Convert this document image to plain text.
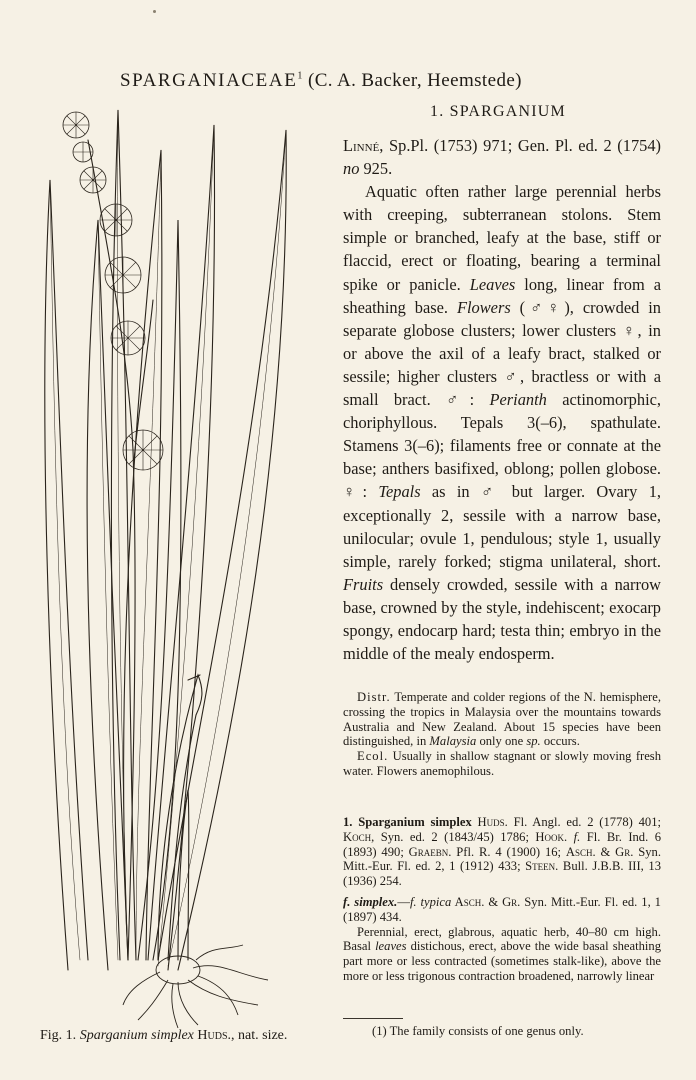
SPARGANIACEAE$^1$ (C. A. Backer, Heemstede)
1. SPARGANIUM
Fig. 1. Sparganium simplex Huds., nat. size.

Linné, Sp.Pl. (1753) 971; Gen. Pl. ed. 2 (1754) no 925.

Aquatic often rather large perennial herbs with creeping, subterranean stolons. Stem simple or branched, leafy at the base, stiff or flaccid, erect or floating, bearing a terminal spike or panicle. Leaves long, linear from a sheathing base. Flowers (♂♀), crowded in separate globose clusters; lower clusters ♀, in or above the axil of a leafy bract, stalked or sessile; higher clusters ♂, bractless or with a small bract. ♂: Perianth actinomorphic, choriphyllous. Tepals 3(–6), spathulate. Stamens 3(–6); filaments free or connate at the base; anthers basifixed, oblong; pollen globose. ♀: Tepals as in ♂ but larger. Ovary 1, exceptionally 2, sessile with a narrow base, unilocular; ovule 1, pendulous; style 1, usually simple, rarely forked; stigma unilateral, short. Fruits densely crowded, sessile with a narrow base, crowned by the style, indehiscent; exocarp spongy, endocarp hard; testa thin; embryo in the middle of the mealy endosperm.

Distr. Temperate and colder regions of the N. hemisphere, crossing the tropics in Malaysia over the mountains towards Australia and New Zealand. About 15 species have been distinguished, in Malaysia only one sp. occurs.

Ecol. Usually in shallow stagnant or slowly moving fresh water. Flowers anemophilous.

1. Sparganium simplex Huds. Fl. Angl. ed. 2 (1778) 401; Koch, Syn. ed. 2 (1843/45) 1786; Hook. f. Fl. Br. Ind. 6 (1893) 490; Graebn. Pfl. R. 4 (1900) 16; Asch. & Gr. Syn. Mitt.-Eur. Fl. ed. 2, 1 (1912) 433; Steen. Bull. J.B.B. III, 13 (1936) 254.

f. simplex.—f. typica Asch. & Gr. Syn. Mitt.-Eur. Fl. ed. 1, 1 (1897) 434.

Perennial, erect, glabrous, aquatic herb, 40–80 cm high. Basal leaves distichous, erect, above the wide basal sheathing part more or less contracted (sometimes stalk-like), above the more or less trigonous contraction broadened, narrowly linear

(1) The family consists of one genus only.
